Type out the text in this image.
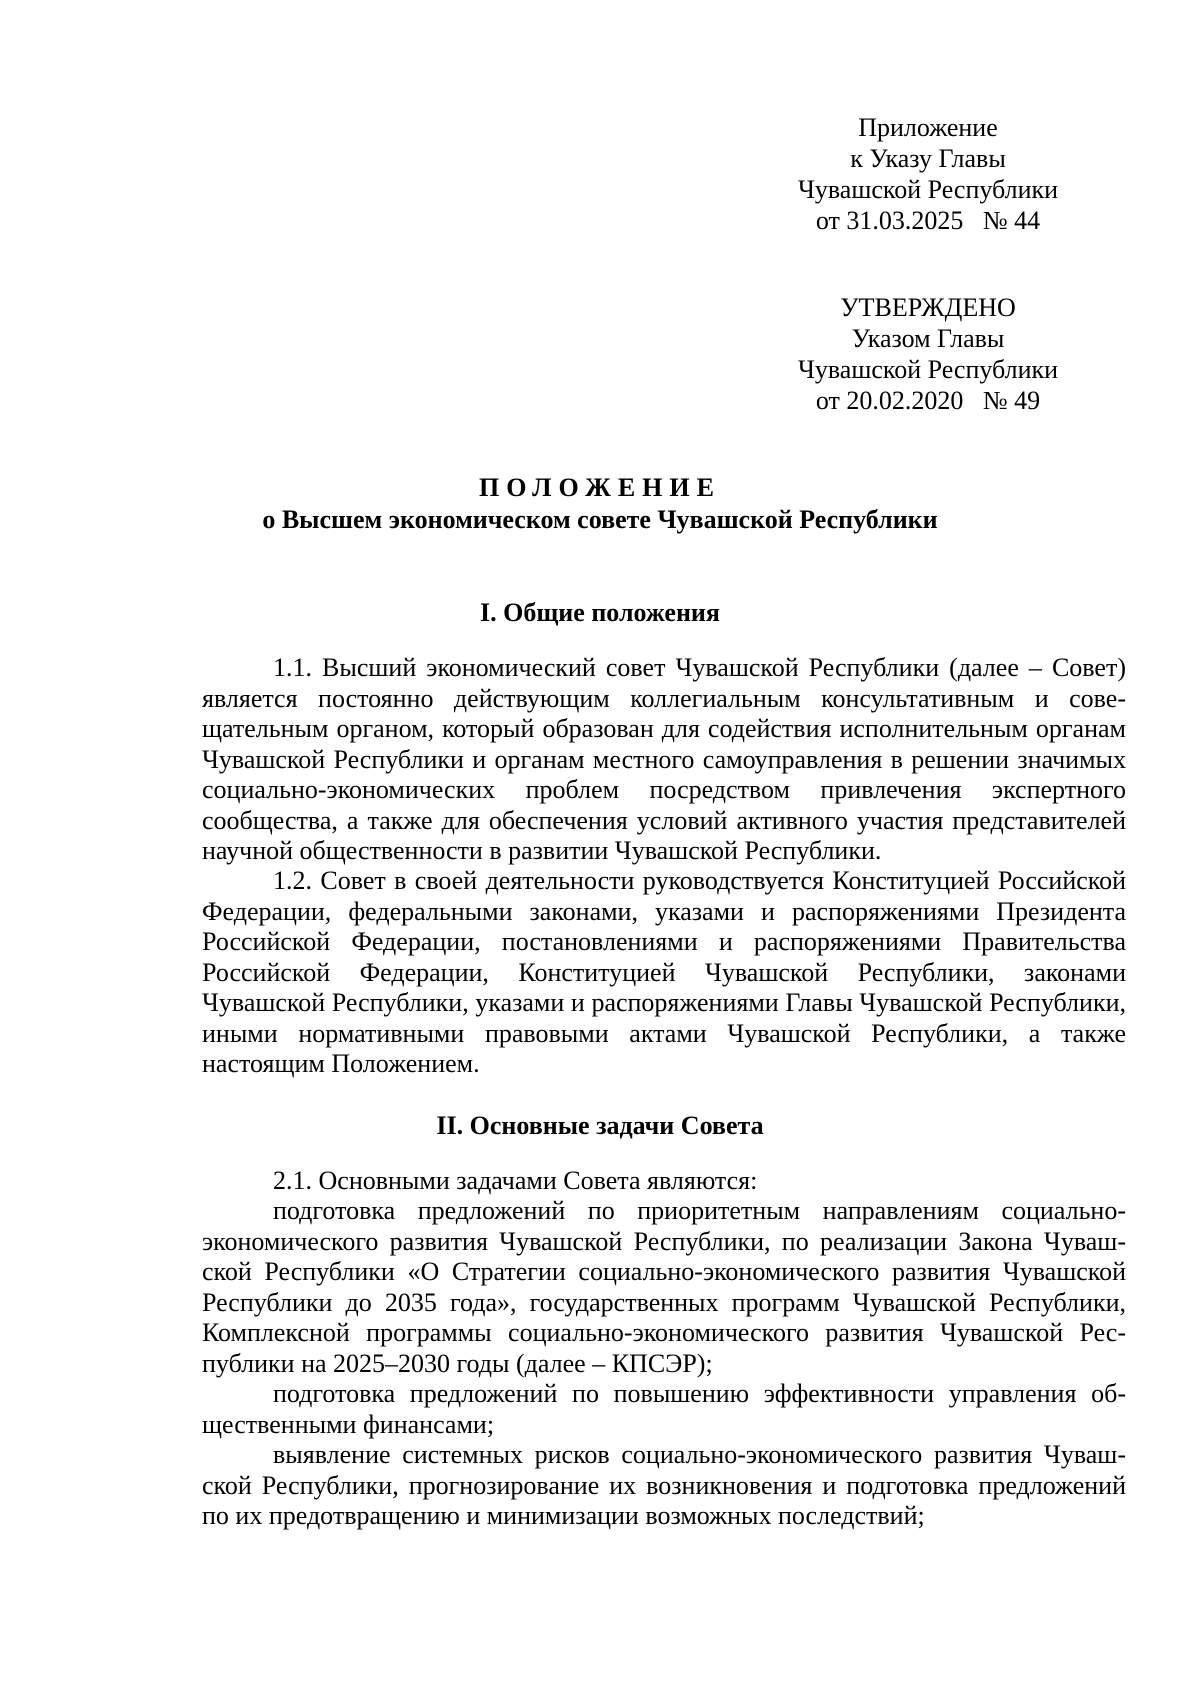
Приложение
к Указу Главы
Чувашской Республики
от 31.03.2025   № 44
УТВЕРЖДЕНО
Указом Главы
Чувашской Республики
от 20.02.2020   № 49
ПОЛОЖЕНИЕ
о Высшем экономическом совете Чувашской Республики
I. Общие положения

1.1. Высший экономический совет Чувашской Республики (далее – Совет) является постоянно действующим коллегиальным консультативным и совещательным органом, который образован для содействия исполнительным органам Чувашской Республики и органам местного самоуправления в решении значимых социально-экономических проблем посредством привлечения экспертного сообщества, а также для обеспечения условий активного участия представителей научной общественности в развитии Чувашской Республики.

1.2. Совет в своей деятельности руководствуется Конституцией Российской Федерации, федеральными законами, указами и распоряжениями Президента Российской Федерации, постановлениями и распоряжениями Правительства Российской Федерации, Конституцией Чувашской Республики, законами Чувашской Республики, указами и распоряжениями Главы Чувашской Республики, иными нормативными правовыми актами Чувашской Республики, а также настоящим Положением.

II. Основные задачи Совета

2.1. Основными задачами Совета являются:

подготовка предложений по приоритетным направлениям социально-экономического развития Чувашской Республики, по реализации Закона Чувашской Республики «О Стратегии социально-экономического развития Чувашской Республики до 2035 года», государственных программ Чувашской Республики, Комплексной программы социально-экономического развития Чувашской Республики на 2025–2030 годы (далее – КПСЭР);

подготовка предложений по повышению эффективности управления общественными финансами;

выявление системных рисков социально-экономического развития Чувашской Республики, прогнозирование их возникновения и подготовка предложений по их предотвращению и минимизации возможных последствий;
